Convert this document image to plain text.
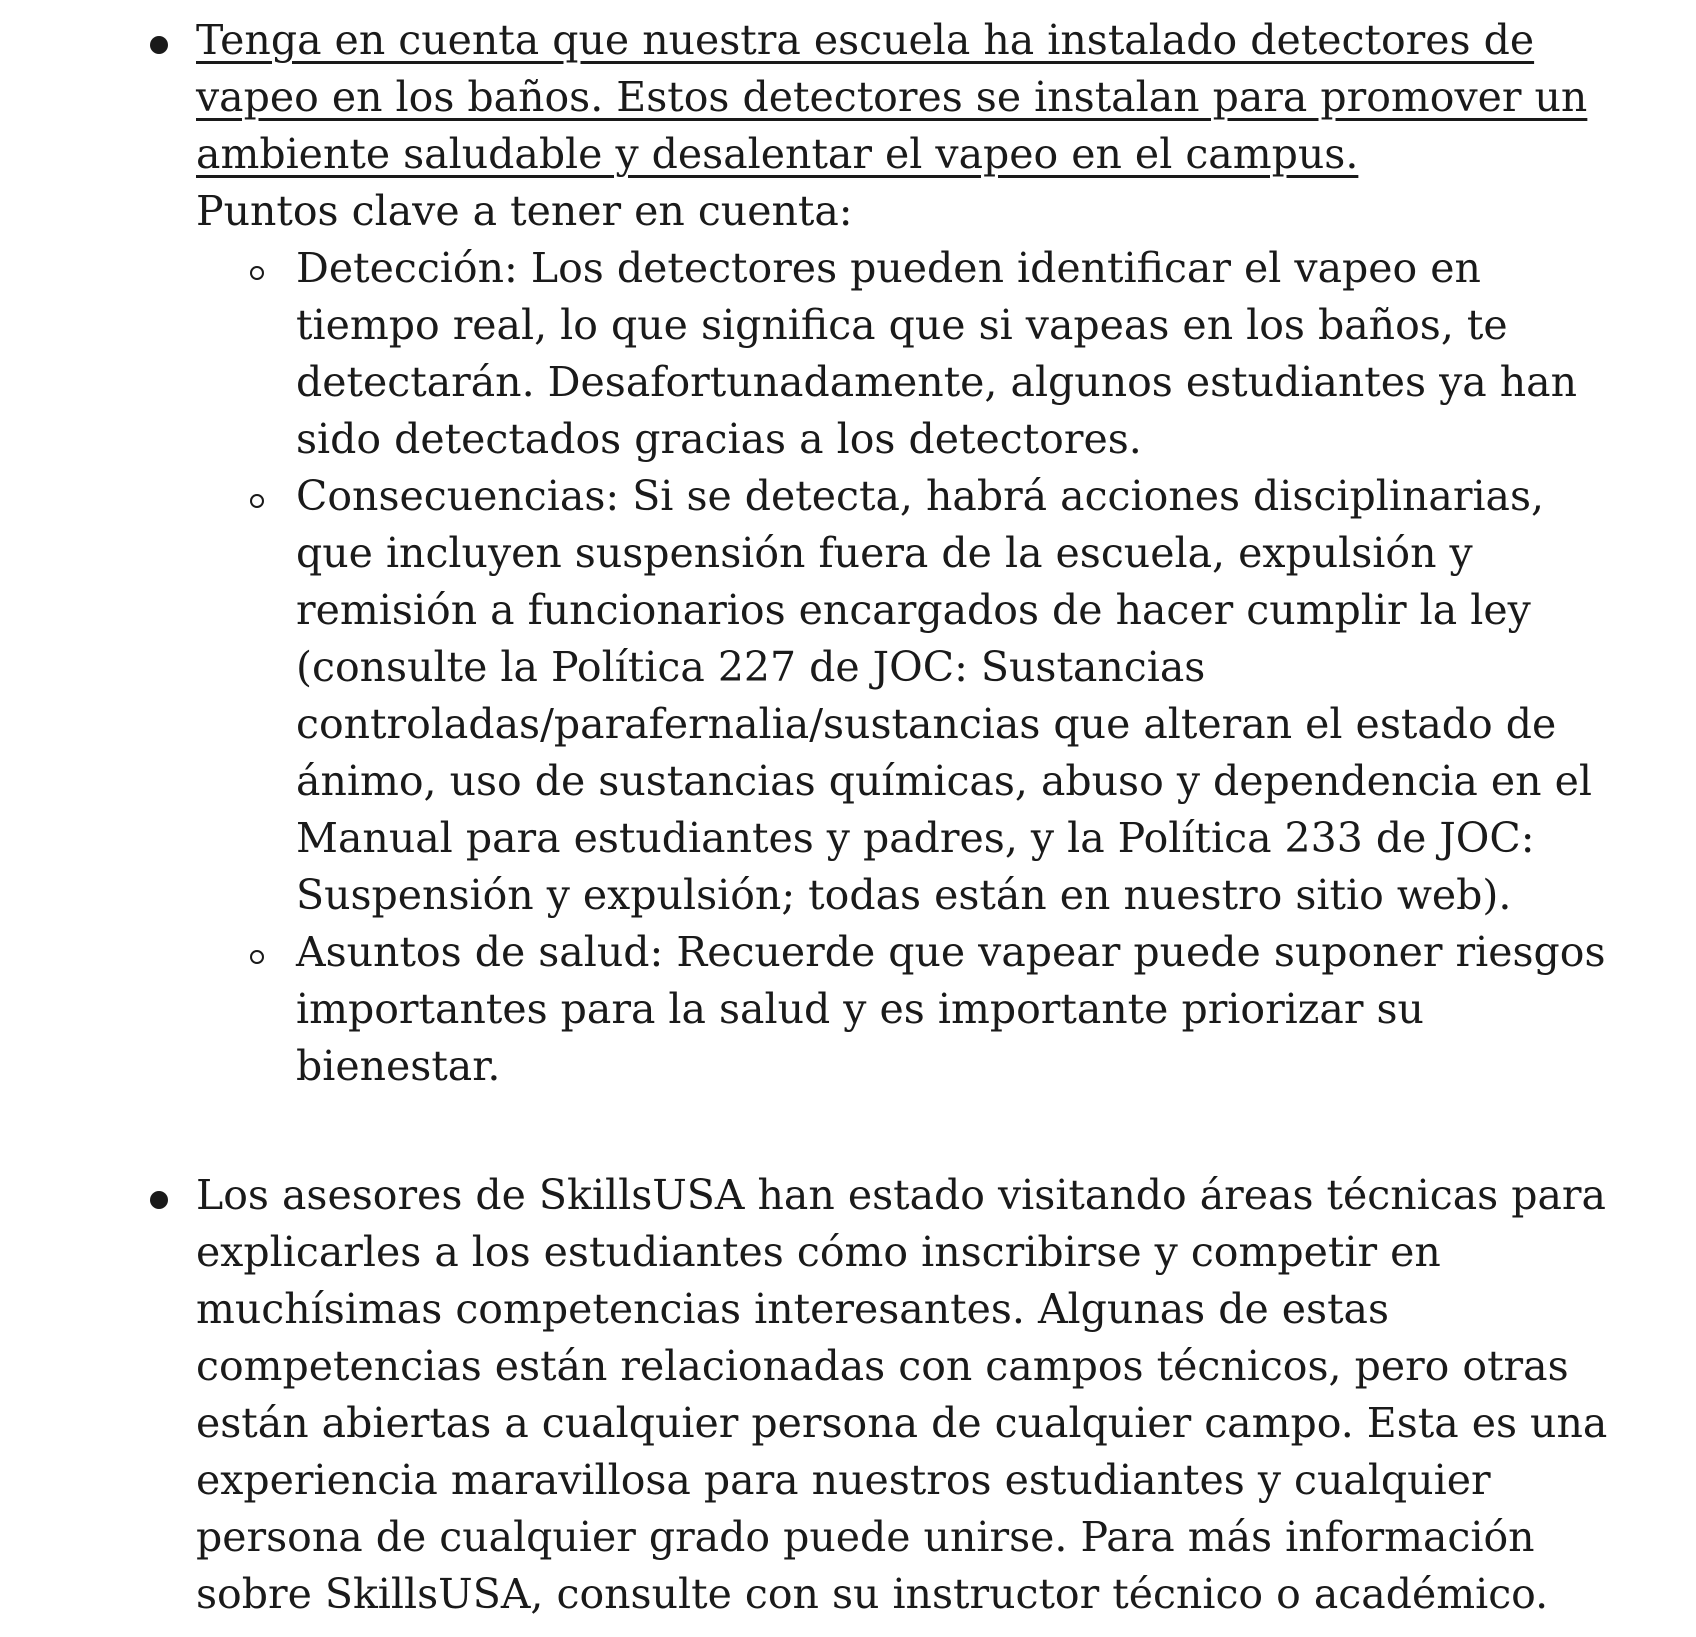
Tenga en cuenta que nuestra escuela ha instalado detectores de vapeo en los baños. Estos detectores se instalan para promover un ambiente saludable y desalentar el vapeo en el campus.
Puntos clave a tener en cuenta:
Detección: Los detectores pueden identificar el vapeo en tiempo real, lo que significa que si vapeas en los baños, te detectarán. Desafortunadamente, algunos estudiantes ya han sido detectados gracias a los detectores.
Consecuencias: Si se detecta, habrá acciones disciplinarias, que incluyen suspensión fuera de la escuela, expulsión y remisión a funcionarios encargados de hacer cumplir la ley (consulte la Política 227 de JOC: Sustancias controladas/parafernalia/sustancias que alteran el estado de ánimo, uso de sustancias químicas, abuso y dependencia en el Manual para estudiantes y padres, y la Política 233 de JOC: Suspensión y expulsión; todas están en nuestro sitio web).
Asuntos de salud: Recuerde que vapear puede suponer riesgos importantes para la salud y es importante priorizar su bienestar.
Los asesores de SkillsUSA han estado visitando áreas técnicas para explicarles a los estudiantes cómo inscribirse y competir en muchísimas competencias interesantes. Algunas de estas competencias están relacionadas con campos técnicos, pero otras están abiertas a cualquier persona de cualquier campo. Esta es una experiencia maravillosa para nuestros estudiantes y cualquier persona de cualquier grado puede unirse. Para más información sobre SkillsUSA, consulte con su instructor técnico o académico.
